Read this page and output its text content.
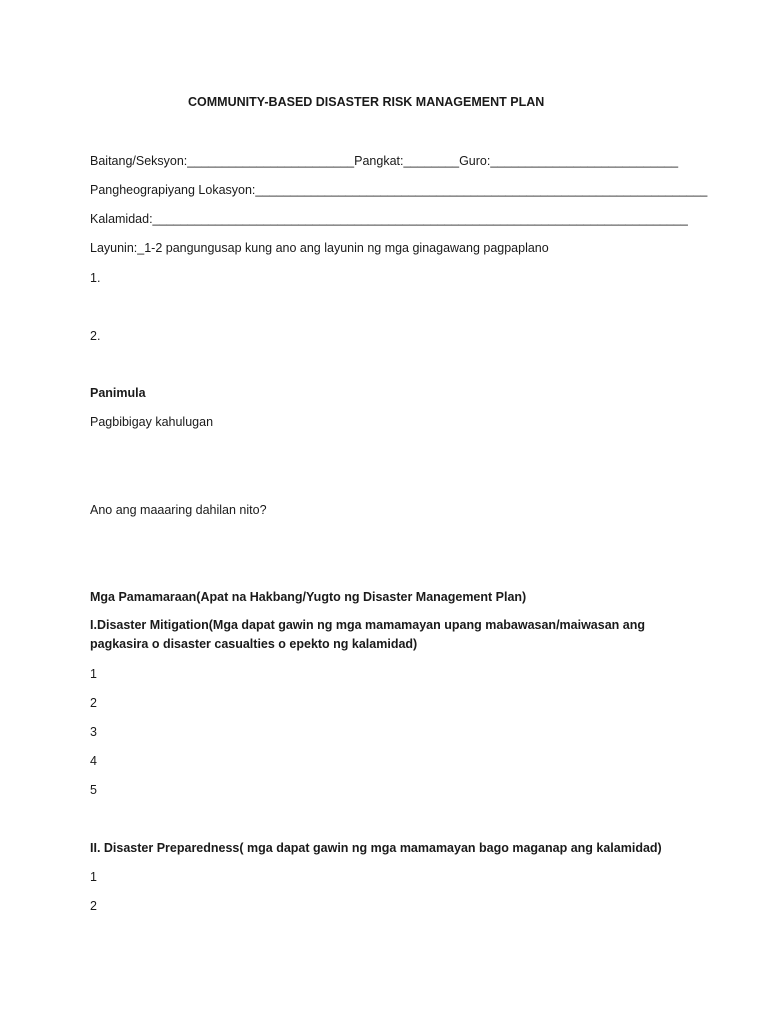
COMMUNITY-BASED DISASTER RISK MANAGEMENT PLAN
Baitang/Seksyon:________________________Pangkat:________Guro:___________________________
Pangheograpiyang Lokasyon:_________________________________________________________________
Kalamidad:_____________________________________________________________________________
Layunin:_1-2 pangungusap kung ano ang layunin ng mga ginagawang pagpaplano
1.
2.
Panimula
Pagbibigay kahulugan
Ano ang maaaring dahilan nito?
Mga Pamamaraan(Apat na Hakbang/Yugto ng Disaster Management Plan)
I.Disaster Mitigation(Mga dapat gawin ng mga mamamayan upang mabawasan/maiwasan ang pagkasira o disaster casualties o epekto ng kalamidad)
1
2
3
4
5
II. Disaster Preparedness( mga dapat gawin ng mga mamamayan bago maganap ang kalamidad)
1
2
